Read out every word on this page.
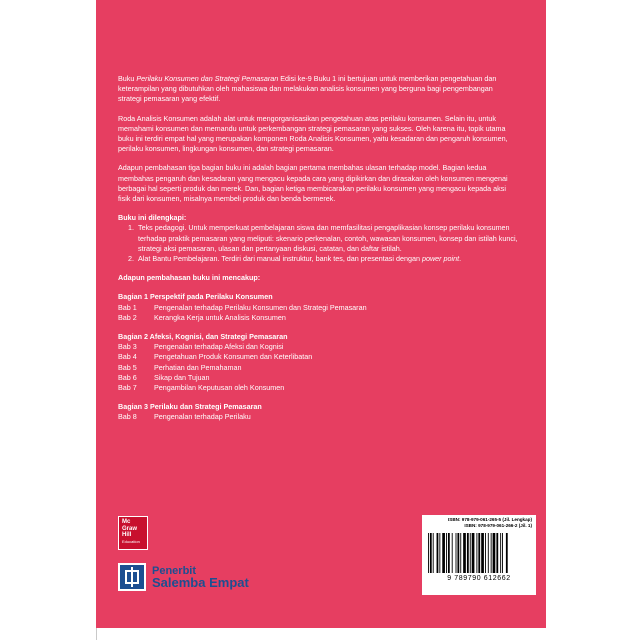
Buku Perilaku Konsumen dan Strategi Pemasaran Edisi ke-9 Buku 1 ini bertujuan untuk memberikan pengetahuan dan keterampilan yang dibutuhkan oleh mahasiswa dan melakukan analisis konsumen yang berguna bagi pengembangan strategi pemasaran yang efektif.

Roda Analisis Konsumen adalah alat untuk mengorganisasikan pengetahuan atas perilaku konsumen. Selain itu, untuk memahami konsumen dan memandu untuk perkembangan strategi pemasaran yang sukses. Oleh karena itu, topik utama buku ini terdiri empat hal yang merupakan komponen Roda Analisis Konsumen, yaitu kesadaran dan pengaruh konsumen, perilaku konsumen, lingkungan konsumen, dan strategi pemasaran.

Adapun pembahasan tiga bagian buku ini adalah bagian pertama membahas ulasan terhadap model. Bagian kedua membahas pengaruh dan kesadaran yang mengacu kepada cara yang dipikirkan dan dirasakan oleh konsumen mengenai berbagai hal seperti produk dan merek. Dan, bagian ketiga membicarakan perilaku konsumen yang mengacu kepada aksi fisik dari konsumen, misalnya membeli produk dan benda bermerek.

Buku ini dilengkapi:
1. Teks pedagogi. Untuk memperkuat pembelajaran siswa dan memfasilitasi pengaplikasian konsep perilaku konsumen terhadap praktik pemasaran yang meliputi: skenario perkenalan, contoh, wawasan konsumen, konsep dan istilah kunci, strategi aksi pemasaran, ulasan dan pertanyaan diskusi, catatan, dan daftar istilah.
2. Alat Bantu Pembelajaran. Terdiri dari manual instruktur, bank tes, dan presentasi dengan power point.
Adapun pembahasan buku ini mencakup:
Bagian 1 Perspektif pada Perilaku Konsumen
Bab 1 Pengenalan terhadap Perilaku Konsumen dan Strategi Pemasaran
Bab 2 Kerangka Kerja untuk Analisis Konsumen
Bagian 2 Afeksi, Kognisi, dan Strategi Pemasaran
Bab 3 Pengenalan terhadap Afeksi dan Kognisi
Bab 4 Pengetahuan Produk Konsumen dan Keterlibatan
Bab 5 Perhatian dan Pemahaman
Bab 6 Sikap dan Tujuan
Bab 7 Pengambilan Keputusan oleh Konsumen
Bagian 3 Perilaku dan Strategi Pemasaran
Bab 8 Pengenalan terhadap Perilaku
Mc
Graw
Hill
Education
Penerbit
Salemba Empat
ISBN: 978-979-061-265-5 (Jil. Lengkap)
ISBN: 978-979-061-266-2 (Jil. 1)
9 789790 612662
